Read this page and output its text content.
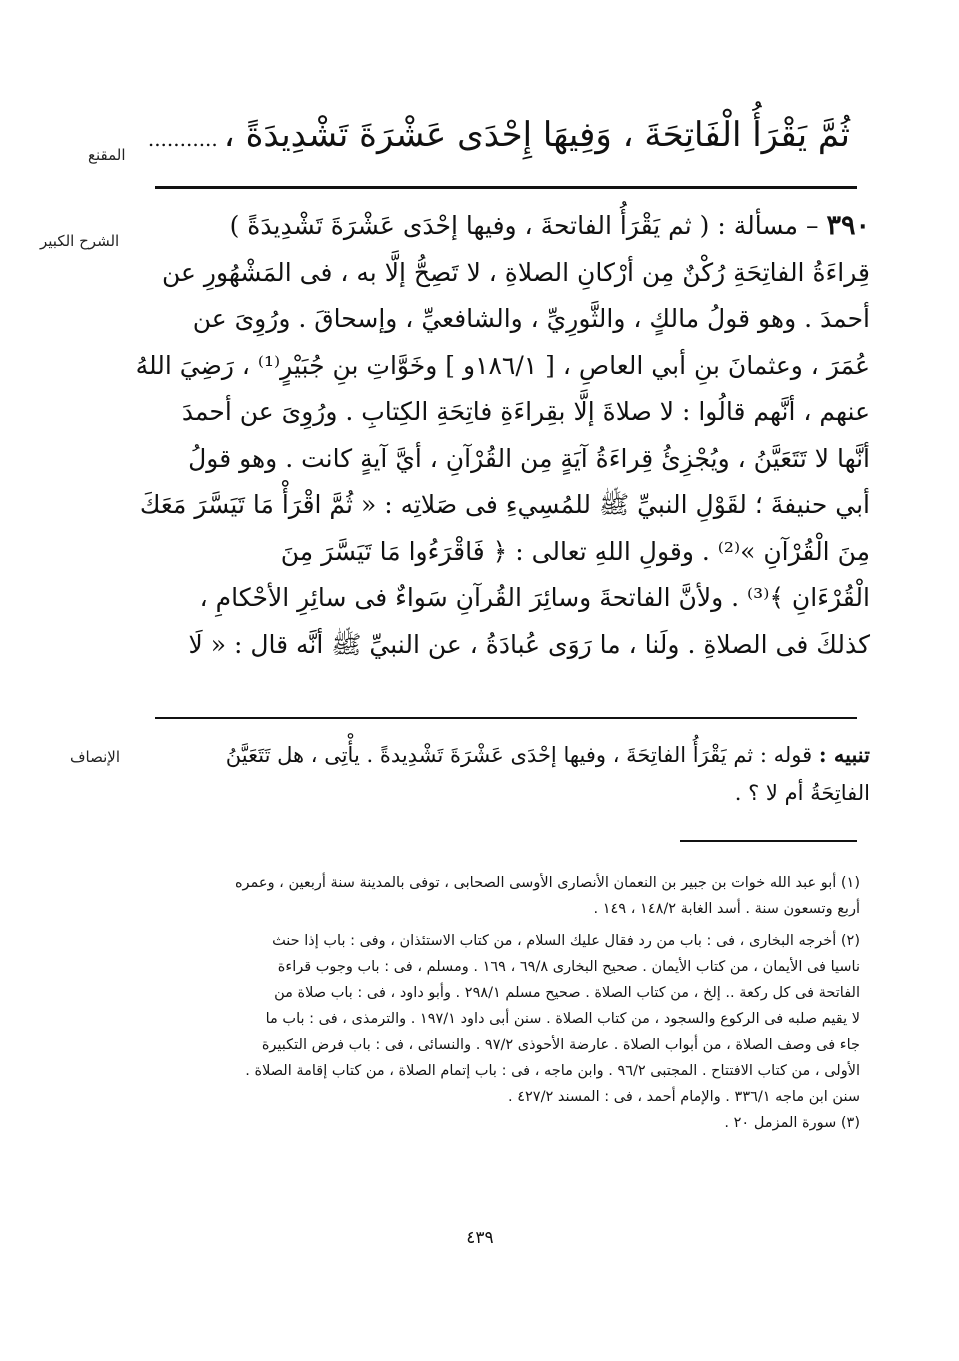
المقنع	ثُمَّ يَقْرَأُ الْفَاتِحَةَ ، وَفِيهَا إِحْدَى عَشْرَةَ تَشْدِيدَةً ،...........
الشرح الكبير	٣٩٠ – مسألة : ( ثم يَقْرَأُ الفاتحةَ ، وفيها إحْدَى عَشْرَةَ تَشْدِيدَةً )
قِراءَةُ الفاتِحَةِ رُكْنٌ مِن أرْكانِ الصلاةِ ، لا تَصِحُّ إلَّا به ، فى المَشْهُورِ عن
أحمدَ . وهو قولُ مالكٍ ، والثَّورِيِّ ، والشافعيِّ ، وإسحاقَ . ورُوِىَ عن
عُمَرَ ، وعثمانَ بنِ أبي العاصِ ، [ ١٨٦/١و ] وخَوَّاتِ بنِ جُبَيْرٍ⁽¹⁾ ، رَضِيَ اللهُ
عنهم ، أنَّهم قالُوا : لا صلاةَ إلَّا بقِراءَةِ فاتِحَةِ الكِتابِ . ورُوِىَ عن أحمدَ
أنَّها لا تَتَعَيَّنُ ، ويُجْزِئُ قِراءَةُ آيَةٍ مِن القُرْآنِ ، أيَّ آيةٍ كانت . وهو قولُ
أبي حنيفةَ ؛ لقَوْلِ النبيِّ ﷺ للمُسِيءِ فى صَلاتِه : « ثُمَّ اقْرَأْ مَا تَيَسَّرَ مَعَكَ
مِنَ الْقُرْآنِ »⁽²⁾ . وقولِ اللهِ تعالى : ﴿ فَاقْرَءُوا مَا تَيَسَّرَ مِنَ
الْقُرْءَانِ ﴾⁽³⁾ . ولأنَّ الفاتحةَ وسائِرَ القُرآنِ سَواءٌ فى سائِرِ الأحْكامِ ،
كذلكَ فى الصلاةِ . ولَنا ، ما رَوَى عُبادَةُ ، عن النبيِّ ﷺ أنَّه قال : « لَا
الإنصاف	تنبيه : قوله : ثم يَقْرَأُ الفاتِحَةَ ، وفيها إحْدَى عَشْرَةَ تَشْدِيدةً . يأْتِى ، هل تَتَعَيَّنُ
الفاتِحَةُ أم لا ؟ .
(١) أبو عبد الله خوات بن جبير بن النعمان الأنصارى الأوسى الصحابى ، توفى بالمدينة سنة أربعين ، وعمره
أربع وتسعون سنة . أسد الغابة ١٤٨/٢ ، ١٤٩ .
(٢) أخرجه البخارى ، فى : باب من رد فقال عليك السلام ، من كتاب الاستئذان ، وفى : باب إذا حنث
ناسيا فى الأيمان ، من كتاب الأيمان . صحيح البخارى ٦٩/٨ ، ١٦٩ . ومسلم ، فى : باب وجوب قراءة
الفاتحة فى كل ركعة .. إلخ ، من كتاب الصلاة . صحيح مسلم ٢٩٨/١ . وأبو داود ، فى : باب صلاة من
لا يقيم صلبه فى الركوع والسجود ، من كتاب الصلاة . سنن أبى داود ١٩٧/١ . والترمذى ، فى : باب ما
جاء فى وصف الصلاة ، من أبواب الصلاة . عارضة الأحوذى ٩٧/٢ . والنسائى ، فى : باب فرض التكبيرة
الأولى ، من كتاب الافتتاح . المجتبى ٩٦/٢ . وابن ماجه ، فى : باب إتمام الصلاة ، من كتاب إقامة الصلاة .
سنن ابن ماجه ٣٣٦/١ . والإمام أحمد ، فى : المسند ٤٢٧/٢ .
(٣) سورة المزمل ٢٠ .
٤٣٩
